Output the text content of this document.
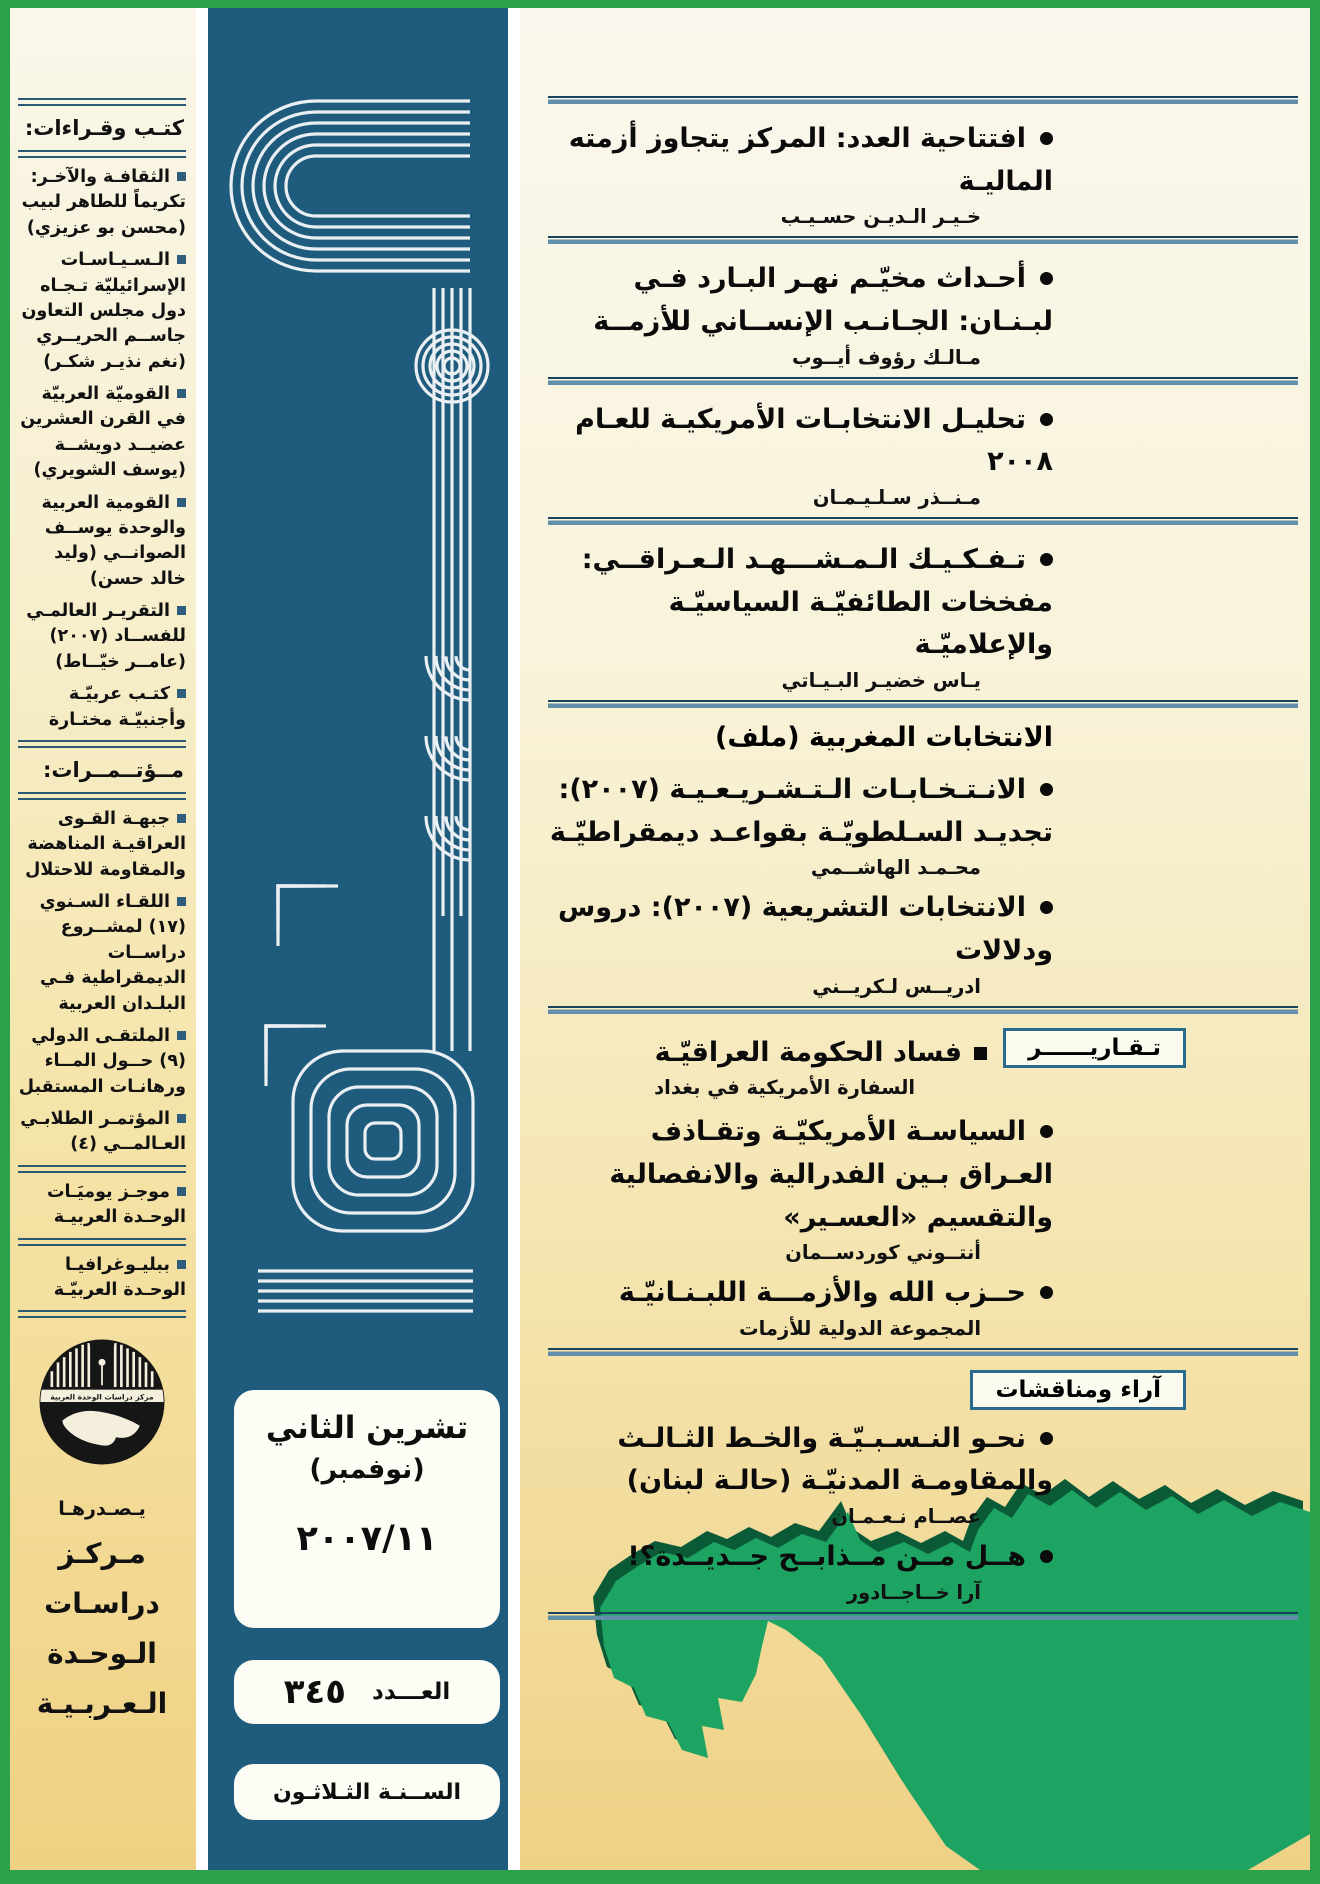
كتـب وقـراءات:
الثقافـة والآخـر: تكريماً للطاهر لبيب (محسن بو عزيزي)
الـسـيـاسـات الإسرائيليّة تـجـاه دول مجلس التعاون جاســم الحريــري (نغم نذيـر شكـر)
القوميّة العربيّة في القرن العشرين عضيــد دويشــة (يوسف الشويري)
القومية العربية والوحدة يوســف الصوانــي (وليد خالد حسن)
التقريـر العالمـي للفســاد (٢٠٠٧) (عامــر خيّــاط)
كتـب عربيّـة وأجنبيّـة مختـارة
مــؤتــمــرات:
جبهـة القـوى العراقيـة المناهضة والمقاومة للاحتلال
اللقـاء السـنوي (١٧) لمشــروع دراســات الديمقراطية فـي البلـدان العربية
الملتقـى الدولي (٩) حــول المــاء ورهانـات المستقبل
المؤتمـر الطلابـي العـالمــي (٤)
موجـز يوميَـات الوحـدة العربيـة
ببليـوغرافيـا الوحـدة العربيّـة
مركز دراسات الوحدة العربية
يـصـدرهـا
مـركـز
دراسـات
الـوحـدة
الـعـربـيـة
تشرين الثاني
(نوفمبر)
٢٠٠٧/١١
العـــدد
٣٤٥
الســنـة الثـلاثـون
افتتاحية العدد: المركز يتجاوز أزمته الماليـة
خـيـر الـديـن حسـيـب
أحـداث مخيّـم نهـر البـارد فـي لبـنـان: الجـانـب الإنســاني للأزمــة
مـالـك رؤوف أيــوب
تحليـل الانتخابـات الأمريكيـة للعـام ٢٠٠٨
مـنــذر سـلـيـمـان
تـفـكـيـك الـمـشـــهـد الـعـراقــي: مفخخات الطائفيّـة السياسيّـة والإعلاميّـة
يـاس خضيـر البـيـاتي
الانتخابات المغربية (ملف)
الانـتـخـابـات الـتـشـريـعـيـة (٢٠٠٧): تجديـد السـلطويّـة بقواعـد ديمقراطيّـة
محـمـد الهاشــمي
الانتخابات التشريعية (٢٠٠٧): دروس ودلالات
ادريــس لـكريــني
تـقـاريــــــر
فساد الحكومة العراقيّـة
السفارة الأمريكية في بغداد
السياسـة الأمريكيّـة وتقـاذف العـراق بـين الفدرالية والانفصالية والتقسيم «العسـير»
أنتــوني كوردســمان
حــزب الله والأزمـــة اللبـنـانيّـة
المجموعة الدولية للأزمات
آراء ومناقشات
نحـو النـسـبـيّـة والخـط الثـالـث والمقاومـة المدنيّـة (حالـة لبنان)
عصــام نـعـمـان
هــل مــن مــذابــح جــديــدة؟!
آرا خــاجــادور
